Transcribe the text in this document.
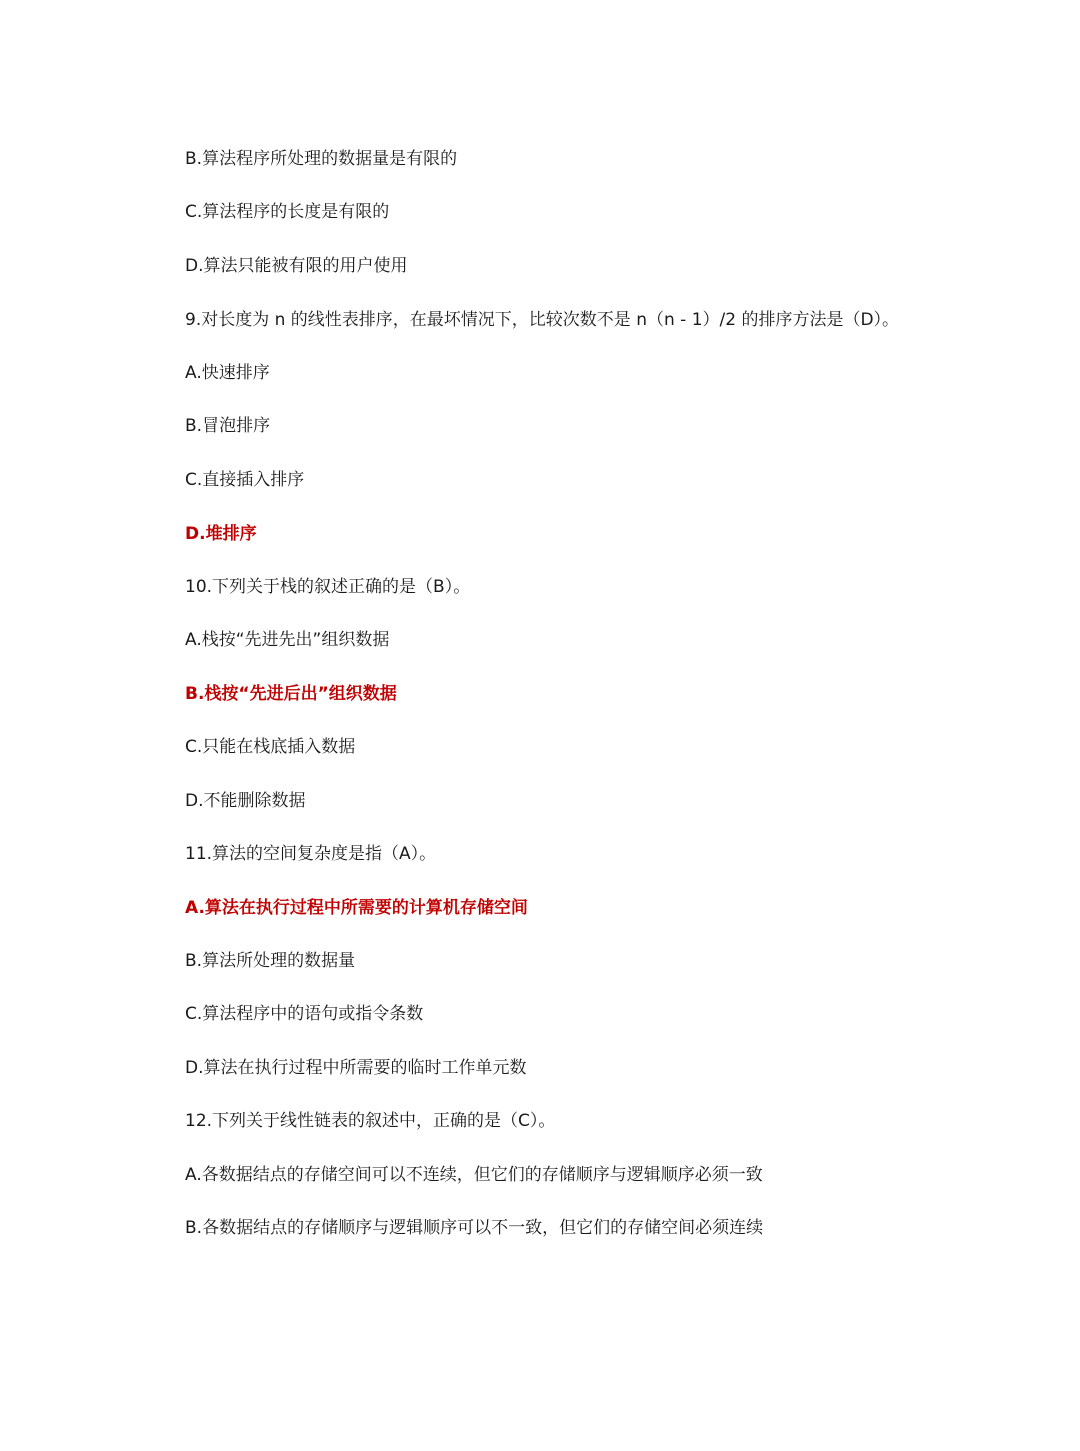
B.算法程序所处理的数据量是有限的
C.算法程序的长度是有限的
D.算法只能被有限的用户使用
9.对长度为 n 的线性表排序，在最坏情况下，比较次数不是 n（n - 1）/2 的排序方法是（D）。
A.快速排序
B.冒泡排序
C.直接插入排序
D.堆排序
10.下列关于栈的叙述正确的是（B）。
A.栈按“先进先出”组织数据
B.栈按“先进后出”组织数据
C.只能在栈底插入数据
D.不能删除数据
11.算法的空间复杂度是指（A）。
A.算法在执行过程中所需要的计算机存储空间
B.算法所处理的数据量
C.算法程序中的语句或指令条数
D.算法在执行过程中所需要的临时工作单元数
12.下列关于线性链表的叙述中，正确的是（C）。
A.各数据结点的存储空间可以不连续，但它们的存储顺序与逻辑顺序必须一致
B.各数据结点的存储顺序与逻辑顺序可以不一致，但它们的存储空间必须连续
